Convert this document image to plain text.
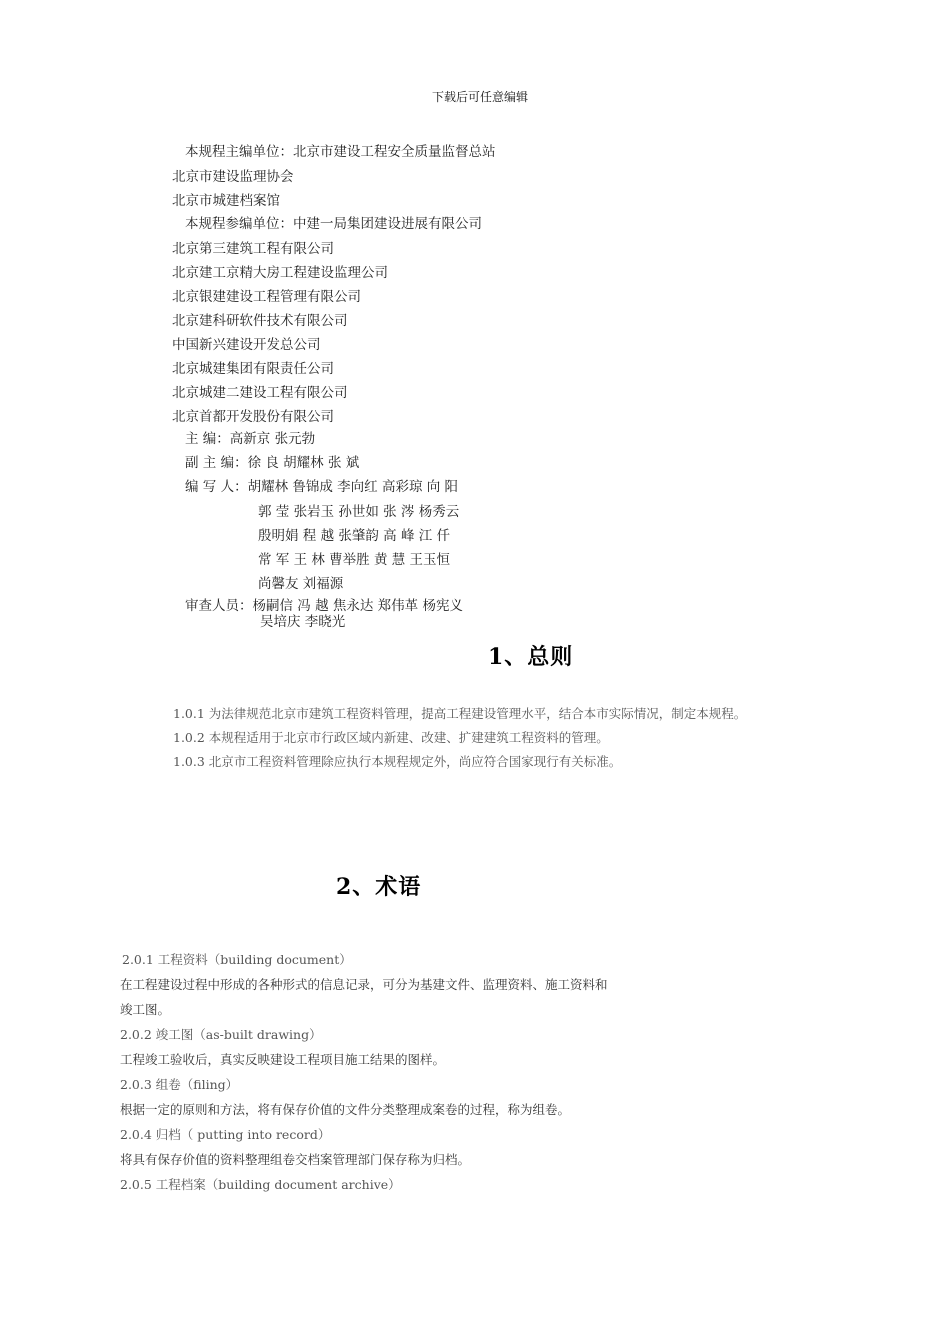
下载后可任意编辑
本规程主编单位：北京市建设工程安全质量监督总站
北京市建设监理协会
北京市城建档案馆
本规程参编单位：中建一局集团建设进展有限公司
北京第三建筑工程有限公司
北京建工京精大房工程建设监理公司
北京银建建设工程管理有限公司
北京建科研软件技术有限公司
中国新兴建设开发总公司
北京城建集团有限责任公司
北京城建二建设工程有限公司
北京首都开发股份有限公司
主 编：高新京 张元勃
副 主 编：徐 良 胡耀林 张 斌
编 写 人：胡耀林 鲁锦成 李向红 高彩琼 向 阳
郭 莹 张岩玉 孙世如 张 涔 杨秀云
殷明娟 程 越 张肇韵 高 峰 江 仟
常 军 王 林 曹举胜 黄 慧 王玉恒
尚馨友 刘福源
审查人员：杨嗣信 冯 越 焦永达 郑伟革 杨宪义
吴培庆 李晓光
1、总则
1.0.1 为法律规范北京市建筑工程资料管理，提高工程建设管理水平，结合本市实际情况，制定本规程。
1.0.2 本规程适用于北京市行政区域内新建、改建、扩建建筑工程资料的管理。
1.0.3 北京市工程资料管理除应执行本规程规定外，尚应符合国家现行有关标准。
2、术语
2.0.1 工程资料（building document）
在工程建设过程中形成的各种形式的信息记录，可分为基建文件、监理资料、施工资料和
竣工图。
2.0.2 竣工图（as-built drawing）
工程竣工验收后，真实反映建设工程项目施工结果的图样。
2.0.3 组卷（filing）
根据一定的原则和方法，将有保存价值的文件分类整理成案卷的过程，称为组卷。
2.0.4 归档（ putting into record）
将具有保存价值的资料整理组卷交档案管理部门保存称为归档。
2.0.5 工程档案（building document archive）
